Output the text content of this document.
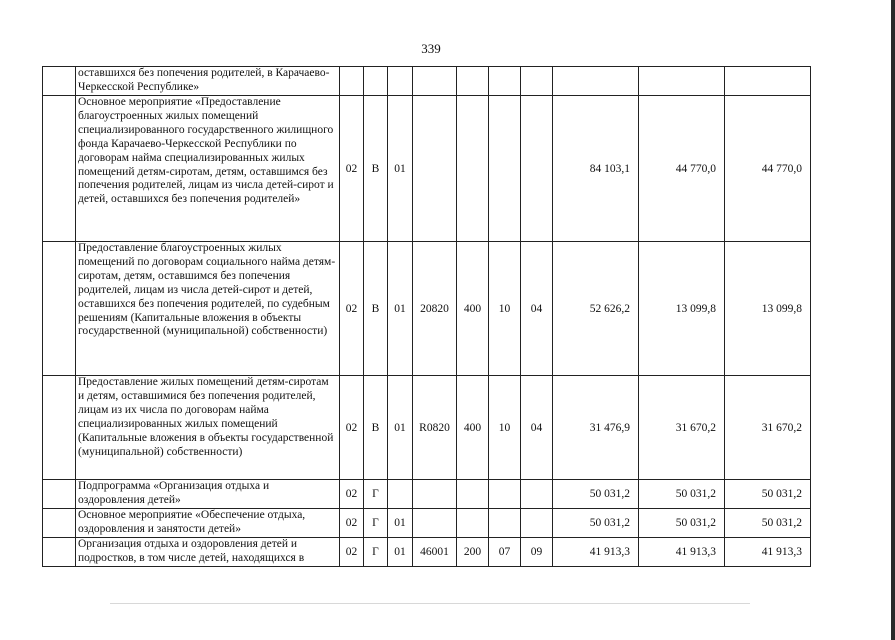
339
	оставшихся без попечения родителей, в Карачаево-Черкесской Республике»										
	Основное мероприятие «Предоставление благоустроенных жилых помещений специализированного государственного жилищного фонда Карачаево-Черкесской Республики по договорам найма специализированных жилых помещений детям-сиротам, детям, оставшимся без попечения родителей, лицам из числа детей-сирот и детей, оставшихся без попечения родителей»	02	В	01					84 103,1	44 770,0	44 770,0
	Предоставление благоустроенных жилых помещений по договорам социального найма детям-сиротам, детям, оставшимся без попечения родителей, лицам из числа детей-сирот и детей, оставшихся без попечения родителей, по судебным решениям (Капитальные вложения в объекты государственной (муниципальной) собственности)	02	В	01	20820	400	10	04	52 626,2	13 099,8	13 099,8
	Предоставление жилых помещений детям-сиротам и детям, оставшимися без попечения родителей, лицам из их числа по договорам найма специализированных жилых помещений (Капитальные вложения в объекты государственной (муниципальной) собственности)	02	В	01	R0820	400	10	04	31 476,9	31 670,2	31 670,2
	Подпрограмма «Организация отдыха и оздоровления детей»	02	Г						50 031,2	50 031,2	50 031,2
	Основное мероприятие «Обеспечение отдыха, оздоровления и занятости детей»	02	Г	01					50 031,2	50 031,2	50 031,2
	Организация отдыха и оздоровления детей и подростков, в том числе детей, находящихся в	02	Г	01	46001	200	07	09	41 913,3	41 913,3	41 913,3
